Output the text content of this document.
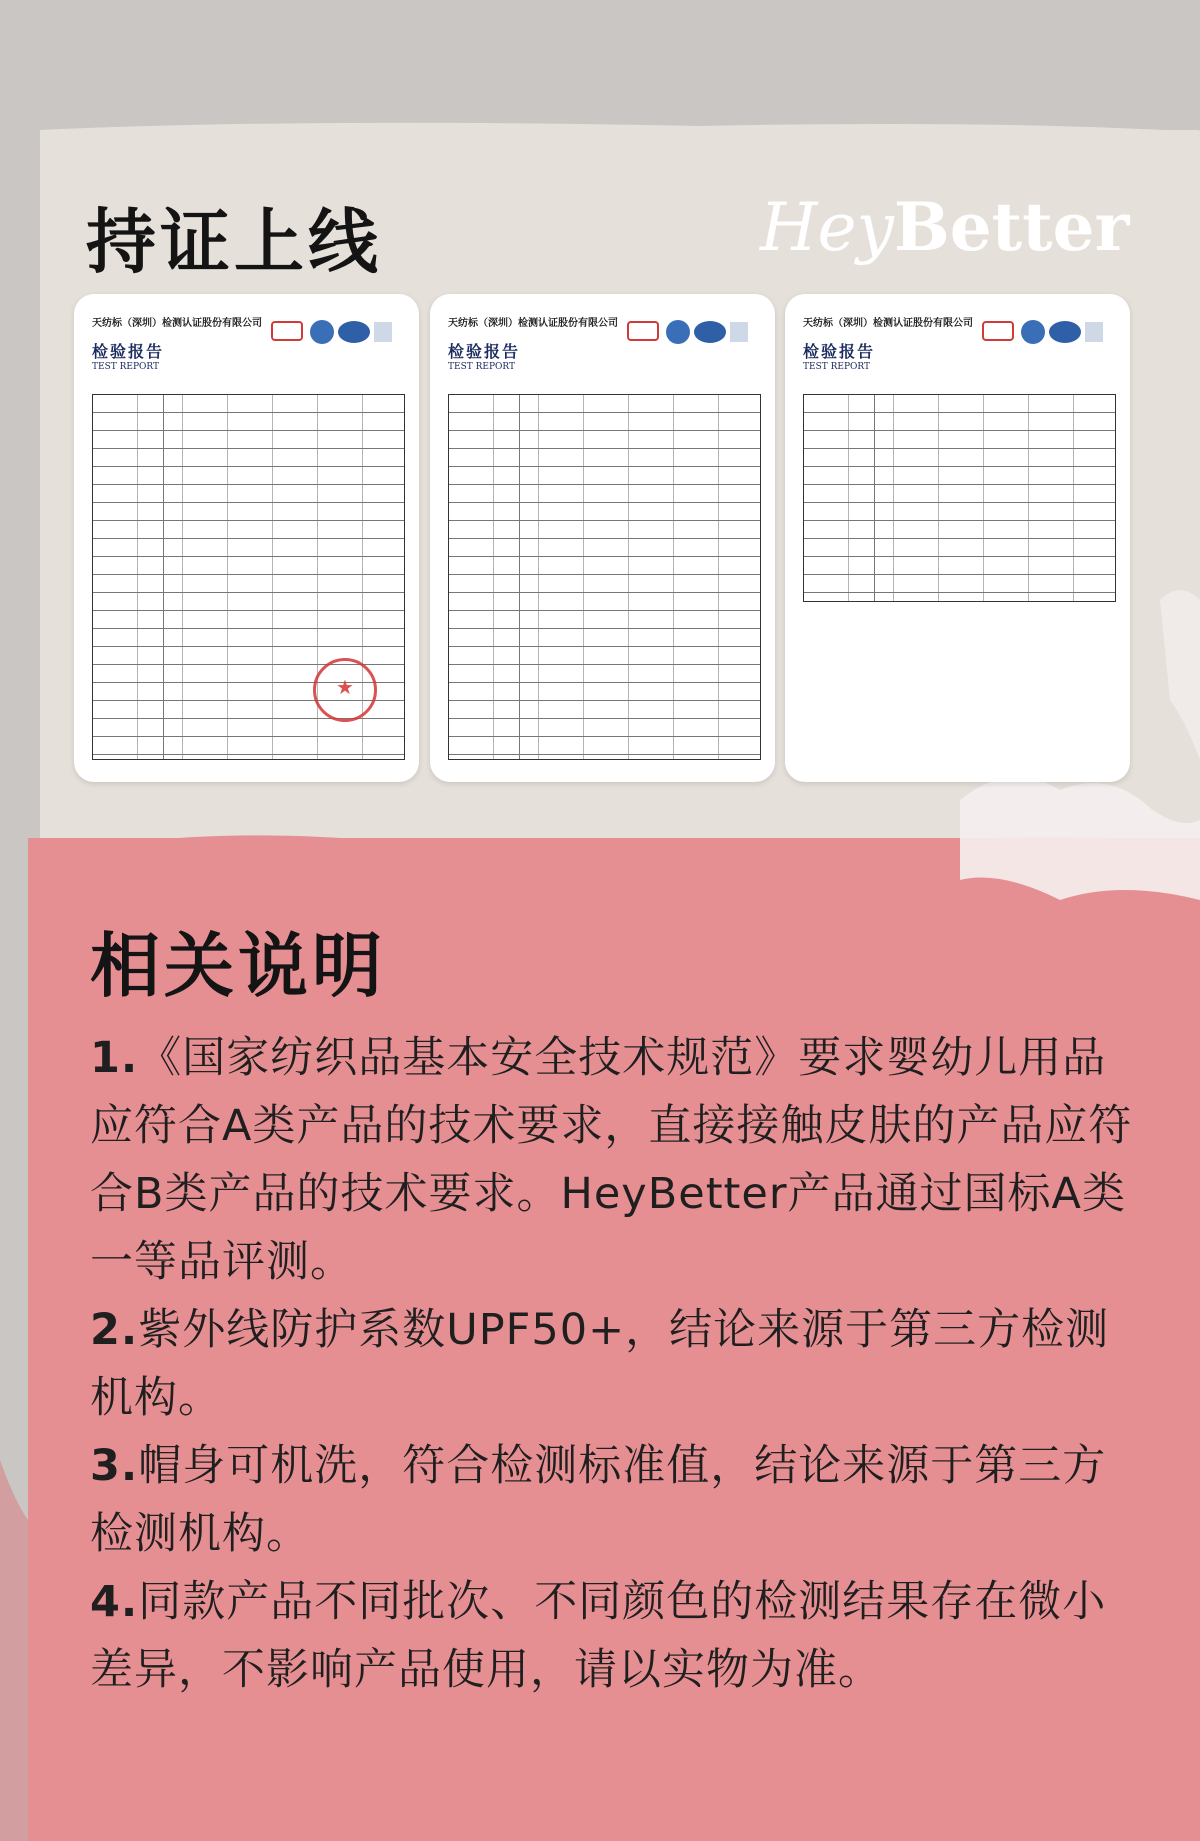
持证上线	HeyBetter
天纺标（深圳）检测认证股份有限公司
检验报告
TEST REPORT
★
天纺标（深圳）检测认证股份有限公司
检验报告
TEST REPORT
天纺标（深圳）检测认证股份有限公司
检验报告
TEST REPORT
相关说明
1.《国家纺织品基本安全技术规范》要求婴幼儿用品应符合A类产品的技术要求，直接接触皮肤的产品应符合B类产品的技术要求。HeyBetter产品通过国标A类一等品评测。
2.紫外线防护系数UPF50+，结论来源于第三方检测机构。
3.帽身可机洗，符合检测标准值，结论来源于第三方检测机构。
4.同款产品不同批次、不同颜色的检测结果存在微小差异，不影响产品使用，请以实物为准。
